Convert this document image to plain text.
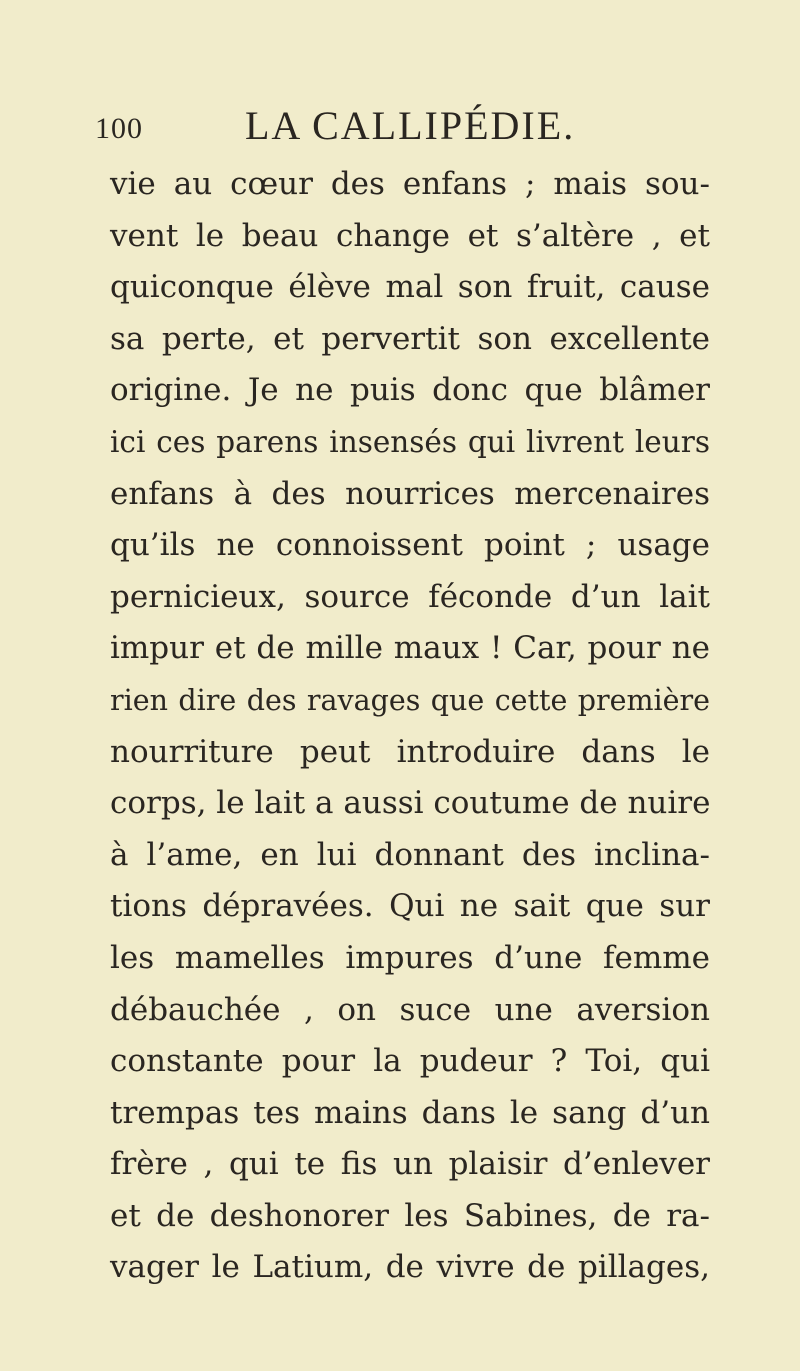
100	LA CALLIPÉDIE.
vie au cœur des enfans ; mais sou-
vent le beau change et s’altère , et
quiconque élève mal son fruit, cause
sa perte, et pervertit son excellente
origine. Je ne puis donc que blâmer
ici ces parens insensés qui livrent leurs
enfans à des nourrices mercenaires
qu’ils ne connoissent point ; usage
pernicieux, source féconde d’un lait
impur et de mille maux ! Car, pour ne
rien dire des ravages que cette première
nourriture peut introduire dans le
corps, le lait a aussi coutume de nuire
à l’ame, en lui donnant des inclina-
tions dépravées. Qui ne sait que sur
les mamelles impures d’une femme
débauchée , on suce une aversion
constante pour la pudeur ? Toi, qui
trempas tes mains dans le sang d’un
frère , qui te fis un plaisir d’enlever
et de deshonorer les Sabines, de ra-
vager le Latium, de vivre de pillages,
